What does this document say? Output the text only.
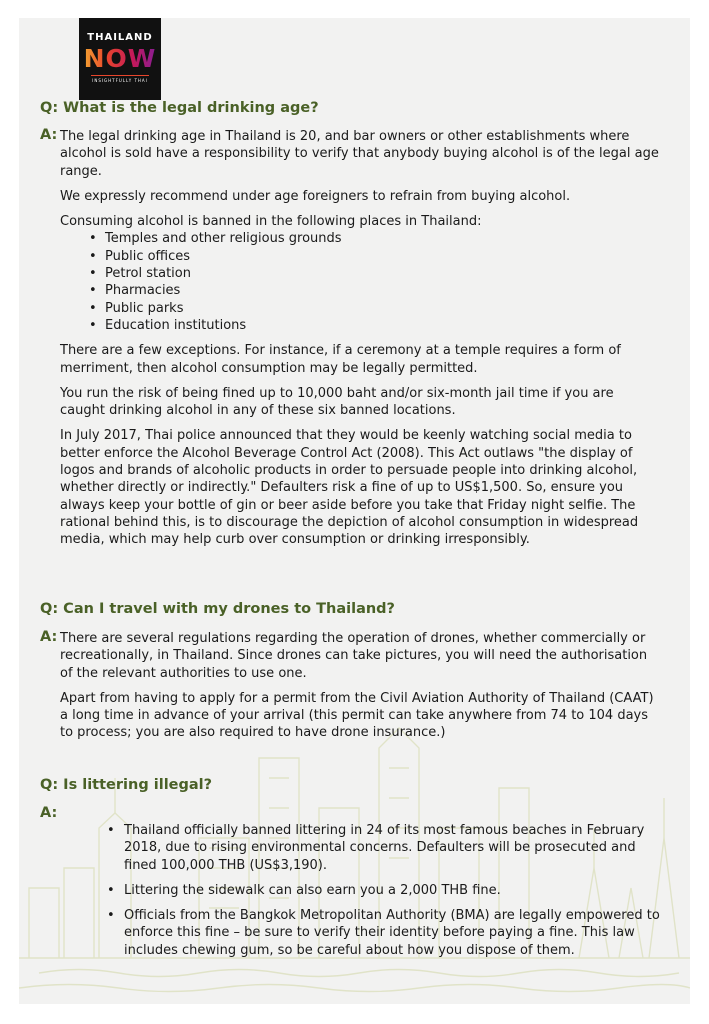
THAILAND
NOW
INSIGHTFULLY THAI
Q: What is the legal drinking age?
A: The legal drinking age in Thailand is 20, and bar owners or other establishments where alcohol is sold have a responsibility to verify that anybody buying alcohol is of the legal age range.

We expressly recommend under age foreigners to refrain from buying alcohol.

Consuming alcohol is banned in the following places in Thailand:

• Temples and other religious grounds
• Public offices
• Petrol station
• Pharmacies
• Public parks
• Education institutions

There are a few exceptions. For instance, if a ceremony at a temple requires a form of merriment, then alcohol consumption may be legally permitted.

You run the risk of being fined up to 10,000 baht and/or six-month jail time if you are caught drinking alcohol in any of these six banned locations.

In July 2017, Thai police announced that they would be keenly watching social media to better enforce the Alcohol Beverage Control Act (2008). This Act outlaws "the display of logos and brands of alcoholic products in order to persuade people into drinking alcohol, whether directly or indirectly." Defaulters risk a fine of up to US$1,500. So, ensure you always keep your bottle of gin or beer aside before you take that Friday night selfie. The rational behind this, is to discourage the depiction of alcohol consumption in widespread media, which may help curb over consumption or drinking irresponsibly.

Q: Can I travel with my drones to Thailand?
A: There are several regulations regarding the operation of drones, whether commercially or recreationally, in Thailand. Since drones can take pictures, you will need the authorisation of the relevant authorities to use one.

Apart from having to apply for a permit from the Civil Aviation Authority of Thailand (CAAT) a long time in advance of your arrival (this permit can take anywhere from 74 to 104 days to process; you are also required to have drone insurance.)

Q: Is littering illegal?
A:
• Thailand officially banned littering in 24 of its most famous beaches in February 2018, due to rising environmental concerns. Defaulters will be prosecuted and fined 100,000 THB (US$3,190).
• Littering the sidewalk can also earn you a 2,000 THB fine.
• Officials from the Bangkok Metropolitan Authority (BMA) are legally empowered to enforce this fine – be sure to verify their identity before paying a fine. This law includes chewing gum, so be careful about how you dispose of them.
